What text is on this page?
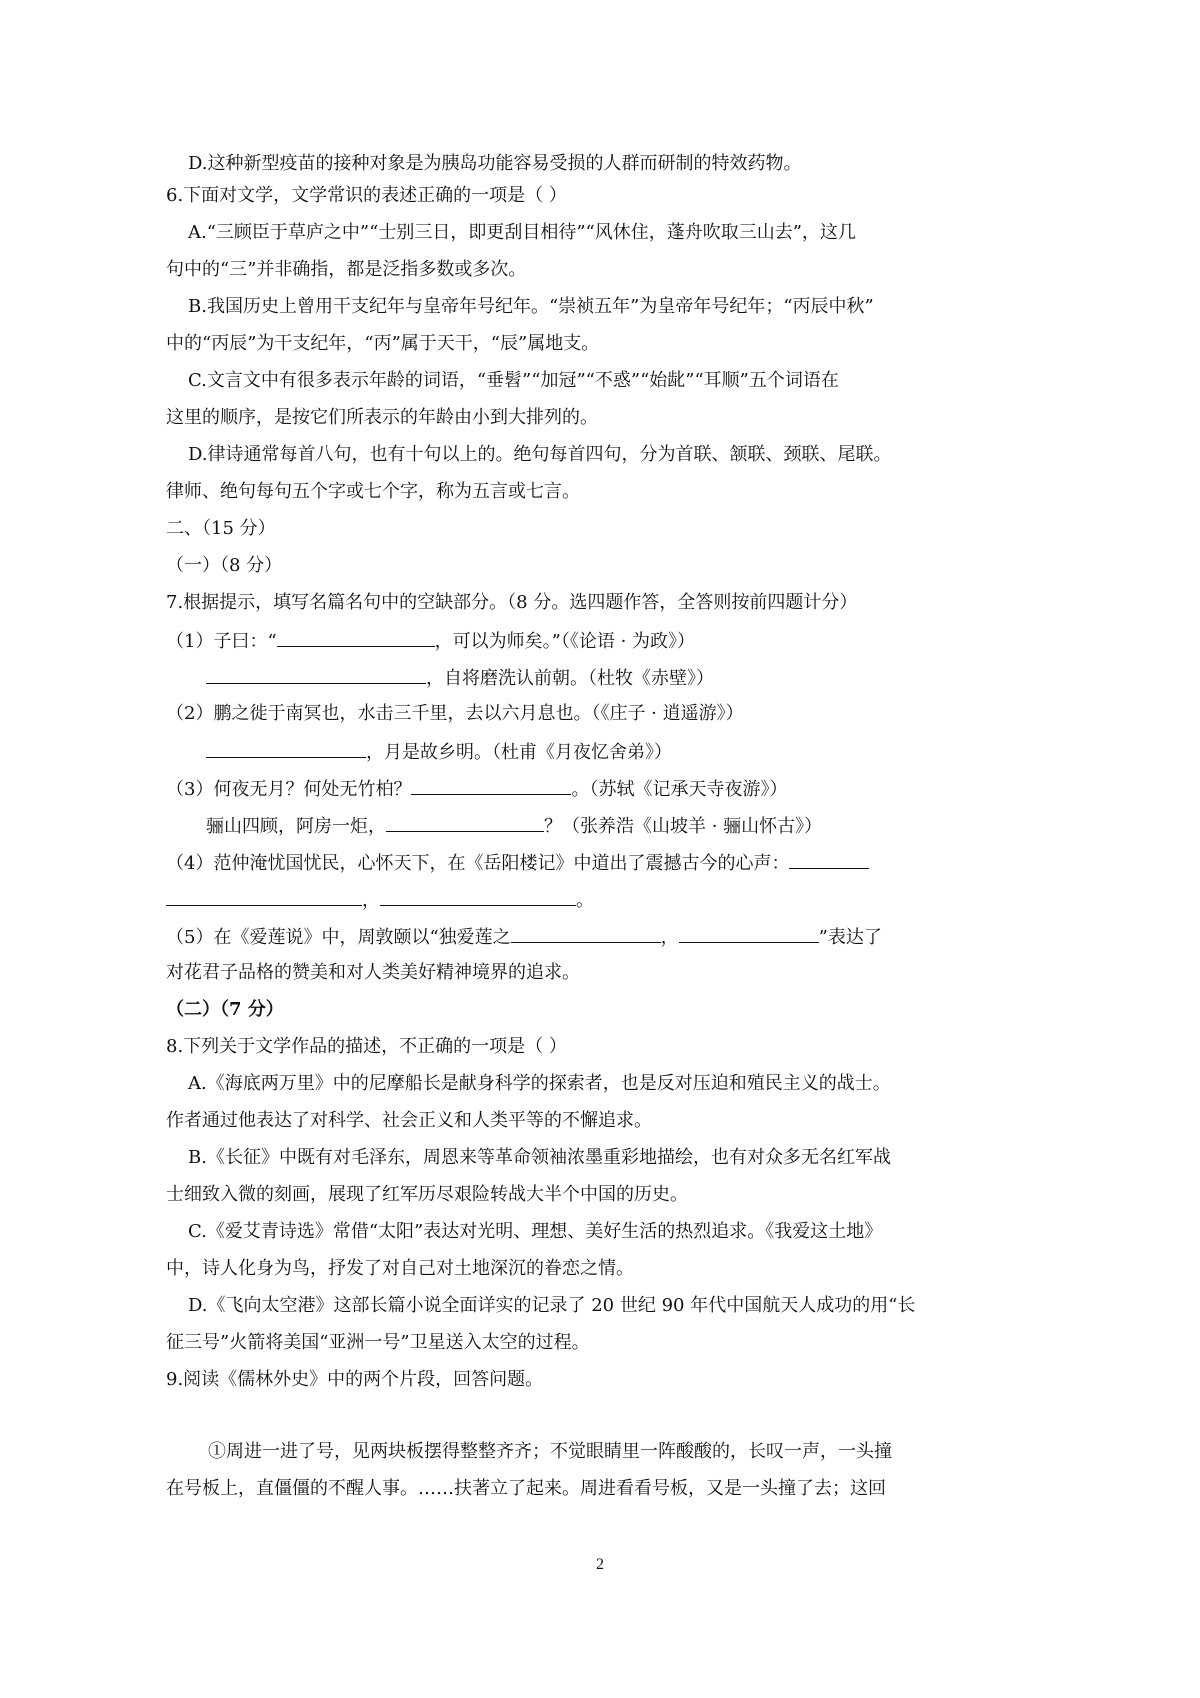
D.这种新型疫苗的接种对象是为胰岛功能容易受损的人群而研制的特效药物。
6.下面对文学，文学常识的表述正确的一项是（ ）
A.“三顾臣于草庐之中”“士别三日，即更刮目相待”“风休住，蓬舟吹取三山去”，这几
句中的“三”并非确指，都是泛指多数或多次。
B.我国历史上曾用干支纪年与皇帝年号纪年。“崇祯五年”为皇帝年号纪年；“丙辰中秋”
中的“丙辰”为干支纪年，“丙”属于天干，“辰”属地支。
C.文言文中有很多表示年龄的词语，“垂髫”“加冠”“不惑”“始龀”“耳顺”五个词语在
这里的顺序，是按它们所表示的年龄由小到大排列的。
D.律诗通常每首八句，也有十句以上的。绝句每首四句，分为首联、颔联、颈联、尾联。
律师、绝句每句五个字或七个字，称为五言或七言。
二、（15 分）
（一）（8 分）
7.根据提示，填写名篇名句中的空缺部分。（8 分。选四题作答，全答则按前四题计分）
（1）子曰：“	，可以为师矣。”（《论语 · 为政》）
，自将磨洗认前朝。（杜牧《赤壁》）
（2）鹏之徙于南冥也，水击三千里，去以六月息也。（《庄子 · 逍遥游》）
，月是故乡明。（杜甫《月夜忆舍弟》）
（3）何夜无月？何处无竹柏？	。（苏轼《记承天寺夜游》）
骊山四顾，阿房一炬，	？（张养浩《山坡羊 · 骊山怀古》）
（4）范仲淹忧国忧民，心怀天下，在《岳阳楼记》中道出了震撼古今的心声：
，	。
（5）在《爱莲说》中，周敦颐以“独爱莲之	，	”表达了
对花君子品格的赞美和对人类美好精神境界的追求。
（二）（7 分）
8.下列关于文学作品的描述，不正确的一项是（ ）
A.《海底两万里》中的尼摩船长是献身科学的探索者，也是反对压迫和殖民主义的战士。
作者通过他表达了对科学、社会正义和人类平等的不懈追求。
B.《长征》中既有对毛泽东，周恩来等革命领袖浓墨重彩地描绘，也有对众多无名红军战
士细致入微的刻画，展现了红军历尽艰险转战大半个中国的历史。
C.《爱艾青诗选》常借“太阳”表达对光明、理想、美好生活的热烈追求。《我爱这土地》
中，诗人化身为鸟，抒发了对自己对土地深沉的眷恋之情。
D.《飞向太空港》这部长篇小说全面详实的记录了 20 世纪 90 年代中国航天人成功的用“长
征三号”火箭将美国“亚洲一号”卫星送入太空的过程。
9.阅读《儒林外史》中的两个片段，回答问题。
①周进一进了号，见两块板摆得整整齐齐；不觉眼睛里一阵酸酸的，长叹一声，一头撞
在号板上，直僵僵的不醒人事。……扶著立了起来。周进看看号板，又是一头撞了去；这回
2
